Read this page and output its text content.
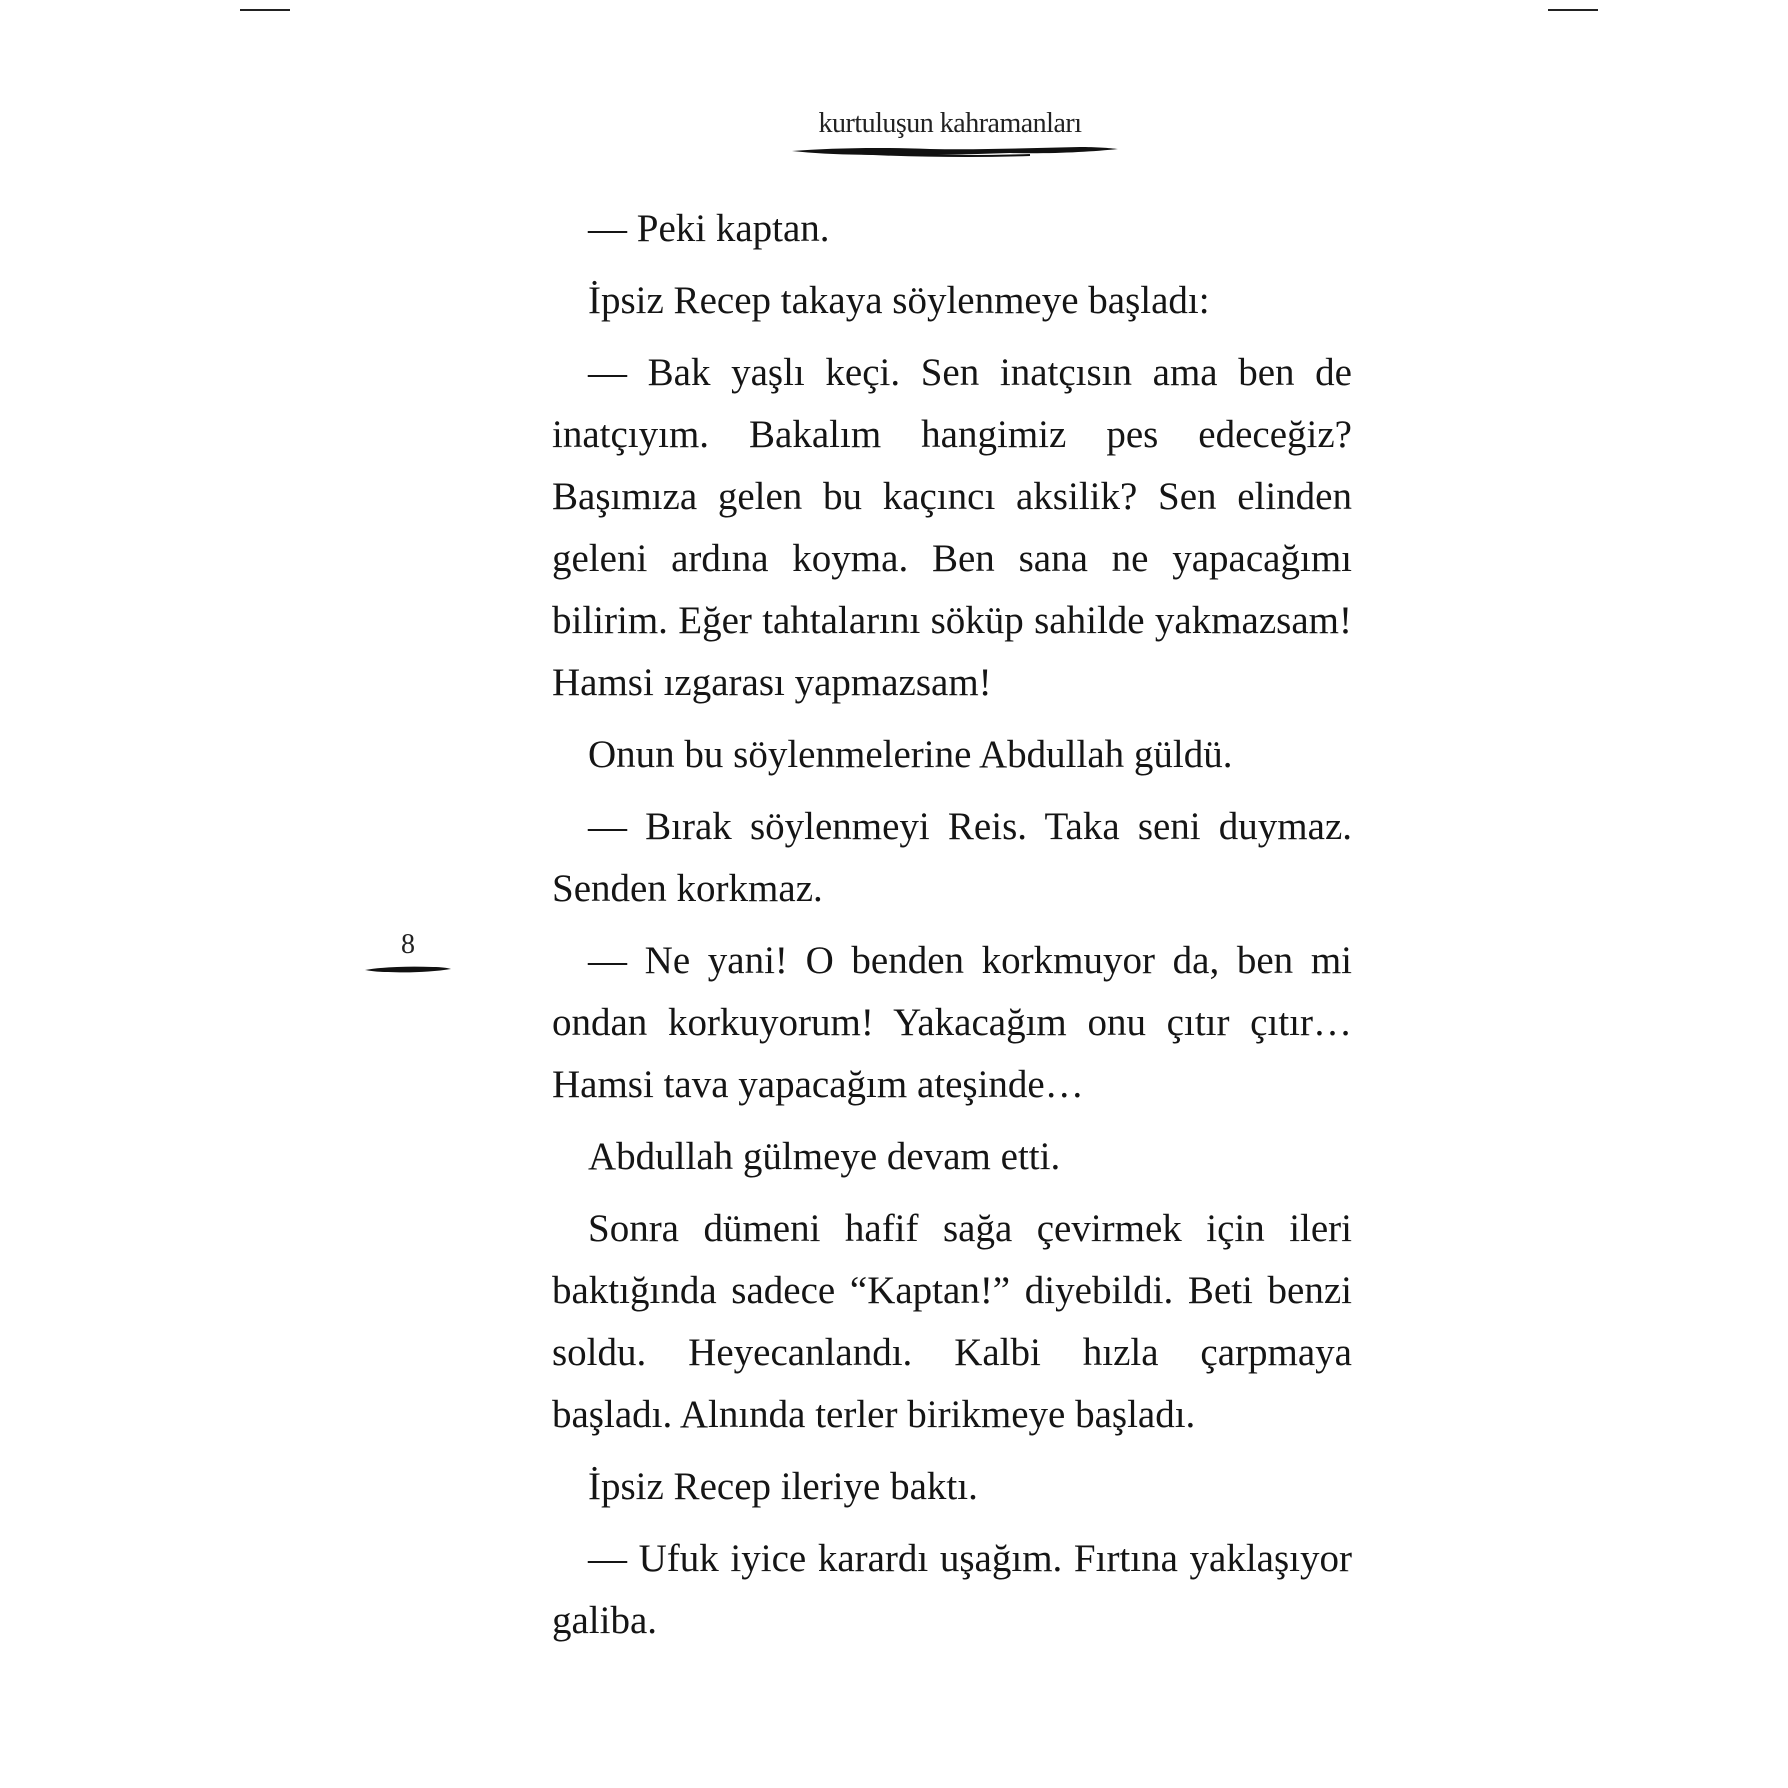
kurtuluşun kahramanları
8

— Peki kaptan.

İpsiz Recep takaya söylenmeye başladı:

— Bak yaşlı keçi. Sen inatçısın ama ben de inatçıyım. Bakalım hangimiz pes edeceğiz? Başımıza gelen bu kaçıncı aksilik? Sen elinden geleni ardına koyma. Ben sana ne yapacağımı bilirim. Eğer tahtalarını söküp sahilde yakmazsam! Hamsi ızgarası yapmazsam!

Onun bu söylenmelerine Abdullah güldü.

— Bırak söylenmeyi Reis. Taka seni duymaz. Senden korkmaz.

— Ne yani! O benden korkmuyor da, ben mi ondan korkuyorum! Yakacağım onu çıtır çıtır… Hamsi tava yapacağım ateşinde…

Abdullah gülmeye devam etti.

Sonra dümeni hafif sağa çevirmek için ileri baktığında sadece “Kaptan!” diyebildi. Beti benzi soldu. Heyecanlandı. Kalbi hızla çarpmaya başladı. Alnında terler birikmeye başladı.

İpsiz Recep ileriye baktı.

— Ufuk iyice karardı uşağım. Fırtına yaklaşıyor galiba.
